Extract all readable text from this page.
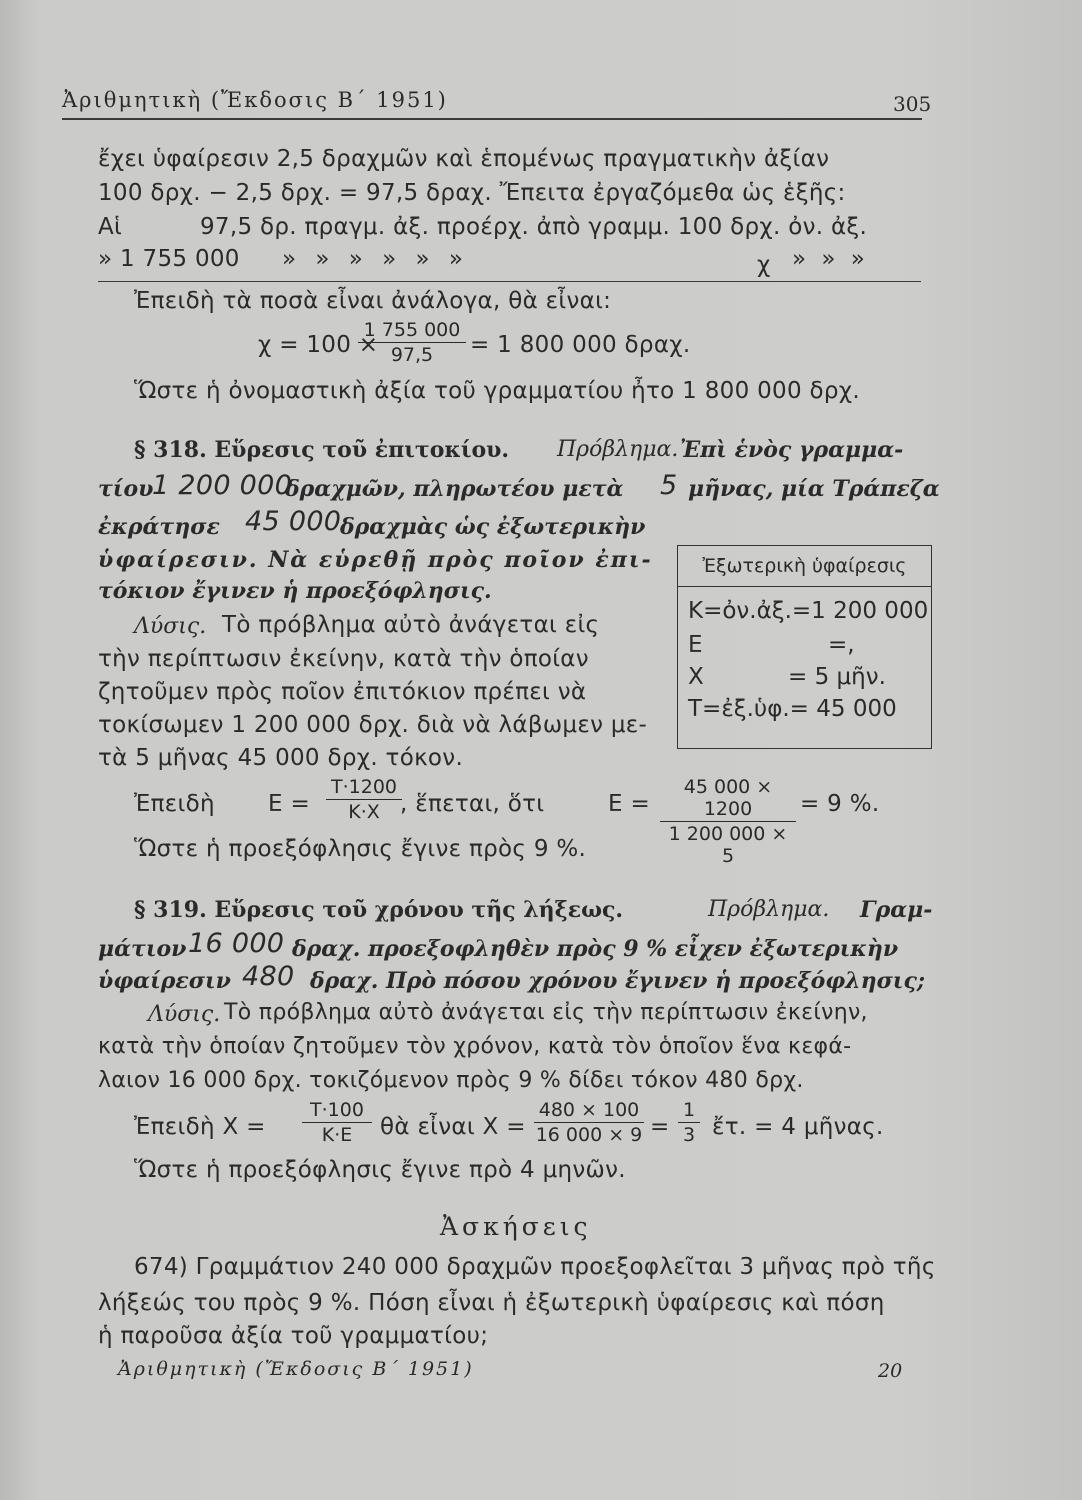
Ἀριθμητικὴ (Ἔκδοσις Β΄ 1951)	305
ἔχει ὑφαίρεσιν 2,5 δραχμῶν καὶ ἑπομένως πραγματικὴν ἀξίαν
100 δρχ. − 2,5 δρχ. = 97,5 δραχ. Ἔπειτα ἐργαζόμεθα ὡς ἑξῆς:
Αἱ	97,5 δρ. πραγμ. ἀξ. προέρχ. ἀπὸ γραμμ. 100 δρχ. ὀν. ἀξ.
» 1 755 000 » » » » » »	χ » » »
Ἐπειδὴ τὰ ποσὰ εἶναι ἀνάλογα, θὰ εἶναι:
χ = 100 ×
$\frac{1 755 000}{97,5} = 1$ 800 000 δραχ.
Ὥστε ἡ ὀνομαστικὴ ἀξία τοῦ γραμματίου ἦτο 1 800 000 δρχ.
§ 318. Εὕρεσις τοῦ ἐπιτοκίου. Πρόβλημα. Ἐπὶ ἑνὸς γραμμα-
τίου
1 200 000
δραχμῶν, πληρωτέου μετὰ 5 μῆνας, μία Τράπεζα
ἐκράτησε 45 000
δραχμὰς ὡς ἐξωτερικὴν
ὑφαίρεσιν. Νὰ εὑρεθῇ πρὸς ποῖον ἐπι-
τόκιον ἔγινεν ἡ προεξόφλησις.
Λύσις. Τὸ πρόβλημα αὐτὸ ἀνάγεται εἰς
τὴν περίπτωσιν ἐκείνην, κατὰ τὴν ὁποίαν
ζητοῦμεν πρὸς ποῖον ἐπιτόκιον πρέπει νὰ
τοκίσωμεν 1 200 000 δρχ. διὰ νὰ λάβωμεν με-
τὰ 5 μῆνας 45 000 δρχ. τόκον.
Ἐξωτερικὴ ὑφαίρεσις
Κ=ὀν.ἀξ.=1 200 000
Ε	=,
Χ	= 5 μῆν.
Τ=ἐξ.ὑφ.= 45 000
Ἐπειδὴ $E = \frac{T\cdot 1200}{K\cdot X}$
, ἕπεται, ὅτι	$E = \frac{45 000 \times 1200}{1 200 000 \times 5} = 9$ %.
Ὥστε ἡ προεξόφλησις ἔγινε πρὸς 9 %.
§ 319. Εὕρεσις τοῦ χρόνου τῆς λήξεως.	Πρόβλημα. Γραμ-
μάτιον 16 000 δραχ. προεξοφληθὲν πρὸς 9 % εἶχεν ἐξωτερικὴν
ὑφαίρεσιν 480 δραχ. Πρὸ πόσου χρόνου ἔγινεν ἡ προεξόφλησις;
Λύσις. Τὸ πρόβλημα αὐτὸ ἀνάγεται εἰς τὴν περίπτωσιν ἐκείνην,
κατὰ τὴν ὁποίαν ζητοῦμεν τὸν χρόνον, κατὰ τὸν ὁποῖον ἕνα κεφά-
λαιον 16 000 δρχ. τοκιζόμενον πρὸς 9 % δίδει τόκον 480 δρχ.
Ἐπειδὴ $X = \frac{T\cdot 100}{K\cdot E}$ θὰ εἶναι $X = \frac{480 \times 100}{16 000 \times 9} = \frac{1}{3}$ ἔτ. = 4 μῆνας.
Ὥστε ἡ προεξόφλησις ἔγινε πρὸ 4 μηνῶν.
Ἀσκήσεις
674) Γραμμάτιον 240 000 δραχμῶν προεξοφλεῖται 3 μῆνας πρὸ τῆς
λήξεώς του πρὸς 9 %. Πόση εἶναι ἡ ἐξωτερικὴ ὑφαίρεσις καὶ πόση
ἡ παροῦσα ἀξία τοῦ γραμματίου;
Ἀριθμητικὴ (Ἔκδοσις Β΄ 1951)	20
